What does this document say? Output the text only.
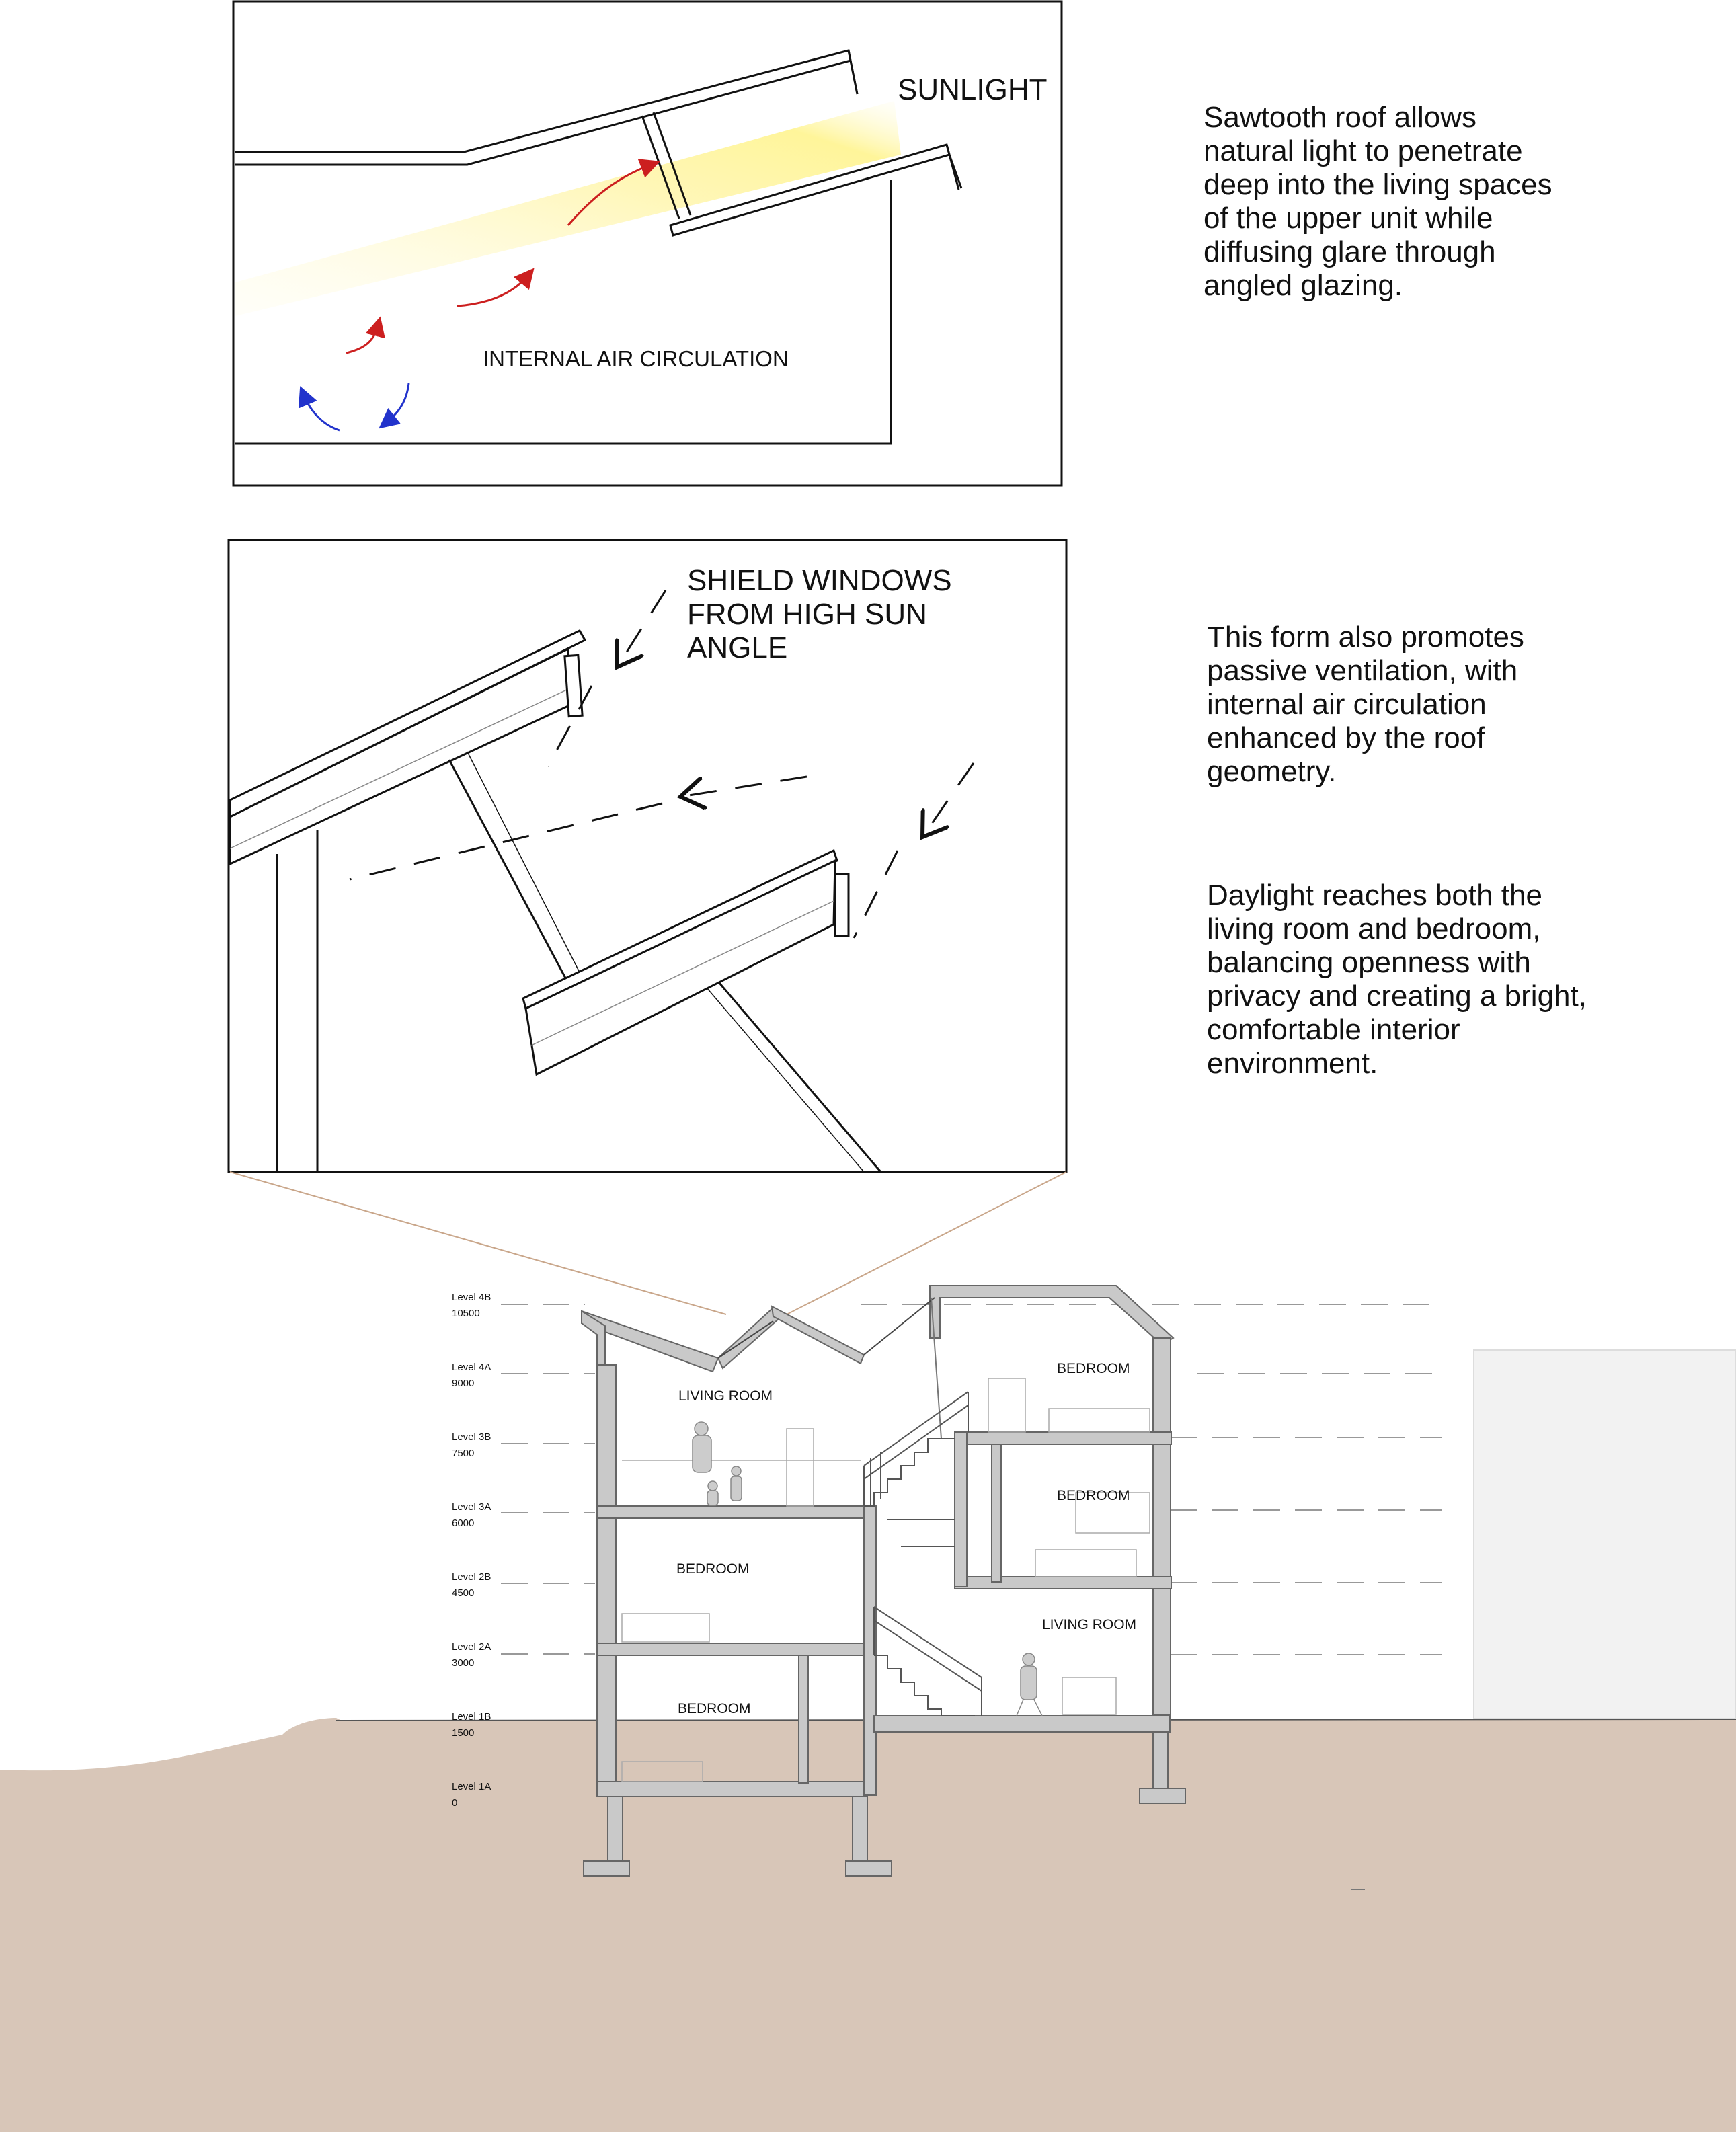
SUNLIGHT
INTERNAL AIR CIRCULATION
SHIELD WINDOWS FROM HIGH SUN ANGLE
LIVING ROOM
BEDROOM
BEDROOM
BEDROOM
LIVING ROOM
BEDROOM
Level 4B
10500
Level 4A
9000
Level 3B
7500
Level 3A
6000
Level 2B
4500
Level 2A
3000
Level 1B
1500
Level 1A
0

Sawtooth roof allows
natural light to penetrate
deep into the living spaces
of the upper unit while
diffusing glare through
angled glazing.

This form also promotes
passive ventilation, with
internal air circulation
enhanced by the roof
geometry.

Daylight reaches both the
living room and bedroom,
balancing openness with
privacy and creating a bright,
comfortable interior
environment.
